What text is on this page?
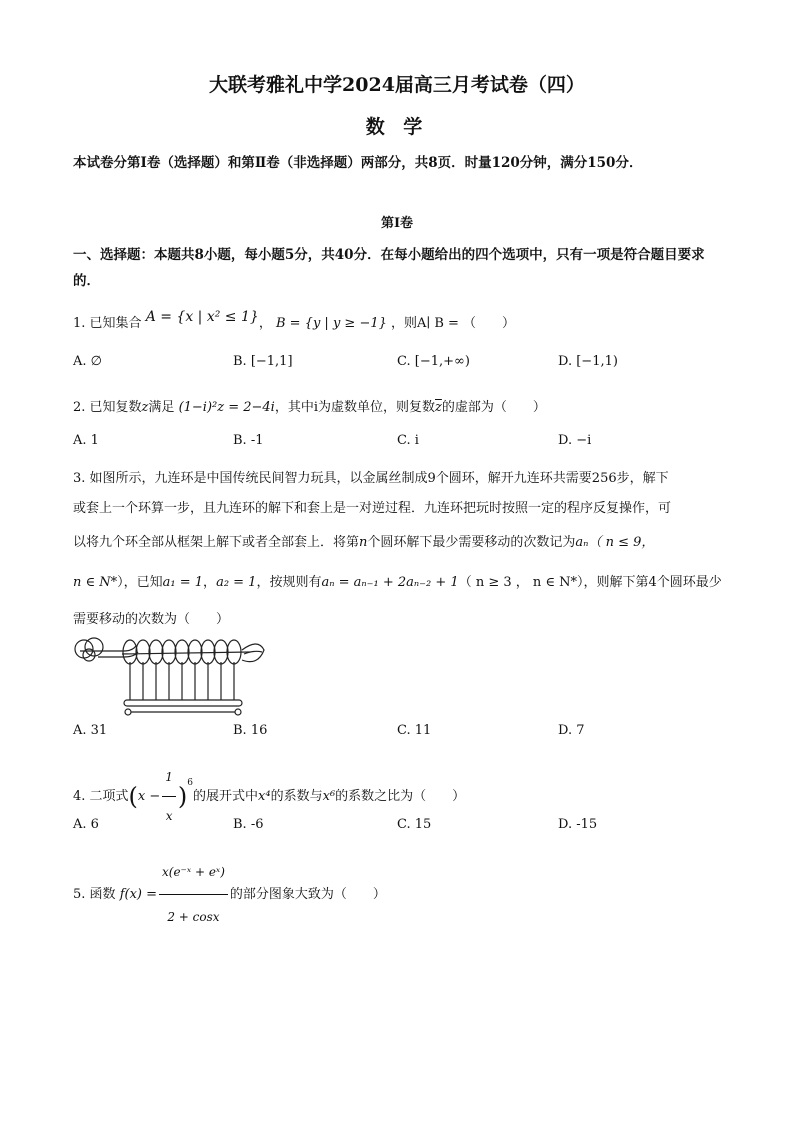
大联考雅礼中学2024届高三月考试卷（四）
数 学
本试卷分第Ⅰ卷（选择题）和第Ⅱ卷（非选择题）两部分，共8页．时量120分钟，满分150分．
第Ⅰ卷
一、选择题：本题共8小题，每小题5分，共40分．在每小题给出的四个选项中，只有一项是符合题目要求的．
1. 已知集合 A = {x | x² ≤ 1}， B = {y | y ≥ −1} ，则A∣ B = （　　）
A. ∅	B. [−1,1]	C. [−1,+∞)	D. [−1,1)
2. 已知复数z满足 (1−i)²z = 2−4i，其中i为虚数单位，则复数$\overline{z}$的虚部为（　　）
A. 1	B. -1	C. i	D. −i
3. 如图所示，九连环是中国传统民间智力玩具，以金属丝制成9个圆环，解开九连环共需要256步，解下
或套上一个环算一步，且九连环的解下和套上是一对逆过程．九连环把玩时按照一定的程序反复操作，可
以将九个环全部从框架上解下或者全部套上．将第n个圆环解下最少需要移动的次数记为aₙ（ n ≤ 9，
n ∈ N*），已知a₁ = 1，a₂ = 1，按规则有aₙ = aₙ₋₁ + 2aₙ₋₂ + 1（ n ≥ 3 ， n ∈ N*），则解下第4个圆环最少
需要移动的次数为（　　）
A. 31	B. 16	C. 11	D. 7
4. 二项式$(x - \frac{1}{x} )^6$的展开式中x⁴的系数与x⁶的系数之比为（　　）
A. 6	B. -6	C. 15	D. -15
5. 函数 $f(x) = \frac{\text{x(e⁻ˣ + eˣ)}}{2 + \cos x}$ 的部分图象大致为（　　）
